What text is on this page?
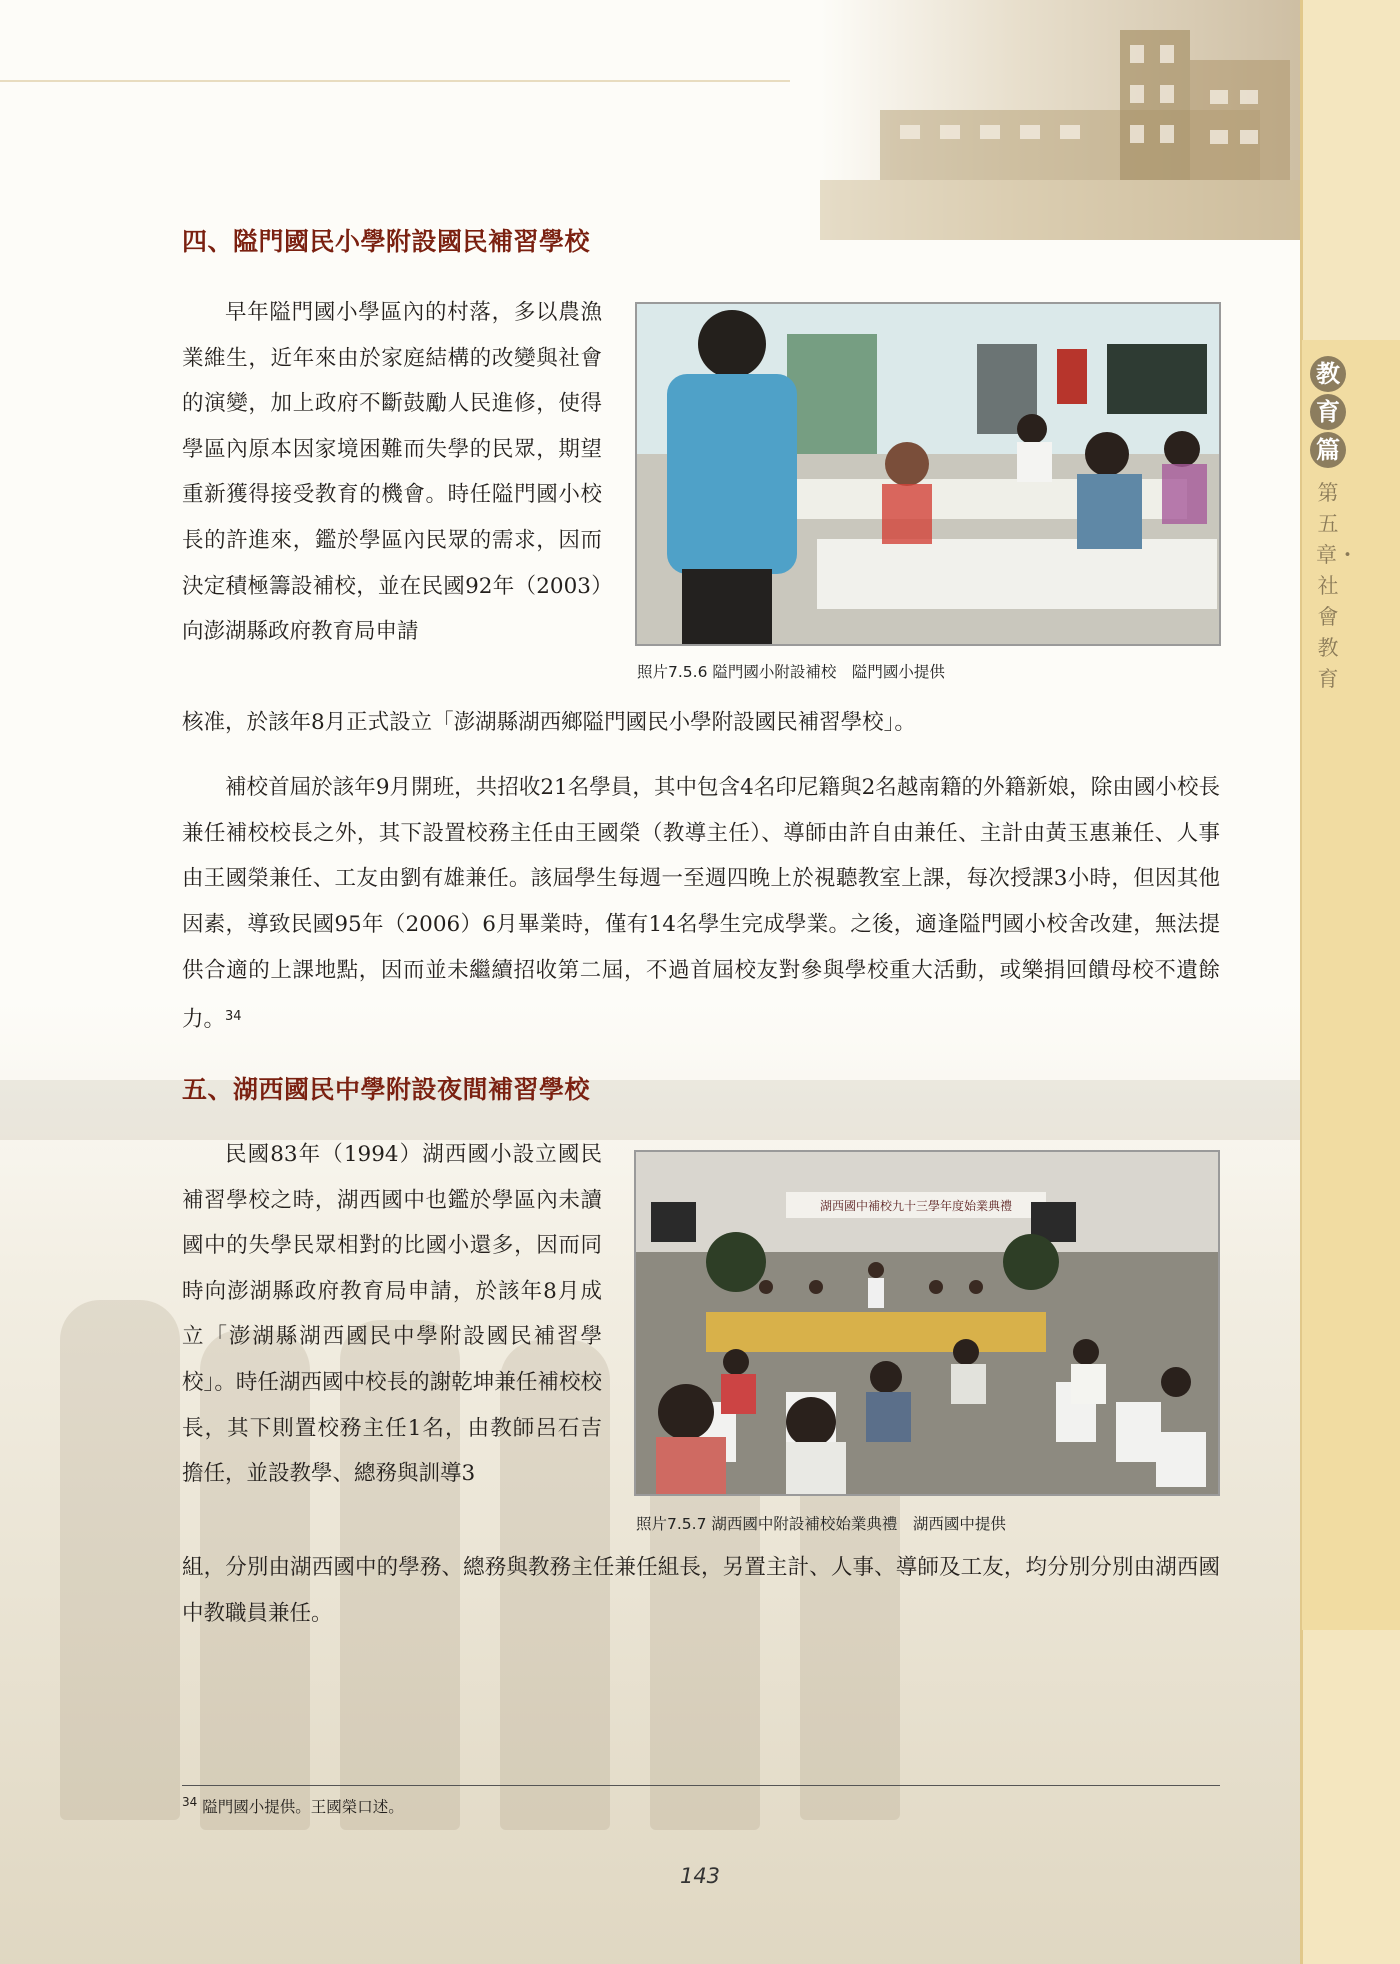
教
育
篇
第五章・社會教育
四、隘門國民小學附設國民補習學校

早年隘門國小學區內的村落，多以農漁業維生，近年來由於家庭結構的改變與社會的演變，加上政府不斷鼓勵人民進修，使得學區內原本因家境困難而失學的民眾，期望重新獲得接受教育的機會。時任隘門國小校長的許進來，鑑於學區內民眾的需求，因而決定積極籌設補校，並在民國92年（2003）向澎湖縣政府教育局申請

照片7.5.6 隘門國小附設補校　隘門國小提供

核准，於該年8月正式設立「澎湖縣湖西鄉隘門國民小學附設國民補習學校」。

補校首屆於該年9月開班，共招收21名學員，其中包含4名印尼籍與2名越南籍的外籍新娘，除由國小校長兼任補校校長之外，其下設置校務主任由王國榮（教導主任）、導師由許自由兼任、主計由黃玉惠兼任、人事由王國榮兼任、工友由劉有雄兼任。該屆學生每週一至週四晚上於視聽教室上課，每次授課3小時，但因其他因素，導致民國95年（2006）6月畢業時，僅有14名學生完成學業。之後，適逢隘門國小校舍改建，無法提供合適的上課地點，因而並未繼續招收第二屆，不過首屆校友對參與學校重大活動，或樂捐回饋母校不遺餘力。$^{34}$

五、湖西國民中學附設夜間補習學校

民國83年（1994）湖西國小設立國民補習學校之時，湖西國中也鑑於學區內未讀國中的失學民眾相對的比國小還多，因而同時向澎湖縣政府教育局申請，於該年8月成立「澎湖縣湖西國民中學附設國民補習學校」。時任湖西國中校長的謝乾坤兼任補校校長，其下則置校務主任1名，由教師呂石吉擔任，並設教學、總務與訓導3

湖西國中補校九十三學年度始業典禮
照片7.5.7 湖西國中附設補校始業典禮　湖西國中提供

組，分別由湖西國中的學務、總務與教務主任兼任組長，另置主計、人事、導師及工友，均分別分別由湖西國中教職員兼任。

$^{34}$ 隘門國小提供。王國榮口述。
143
